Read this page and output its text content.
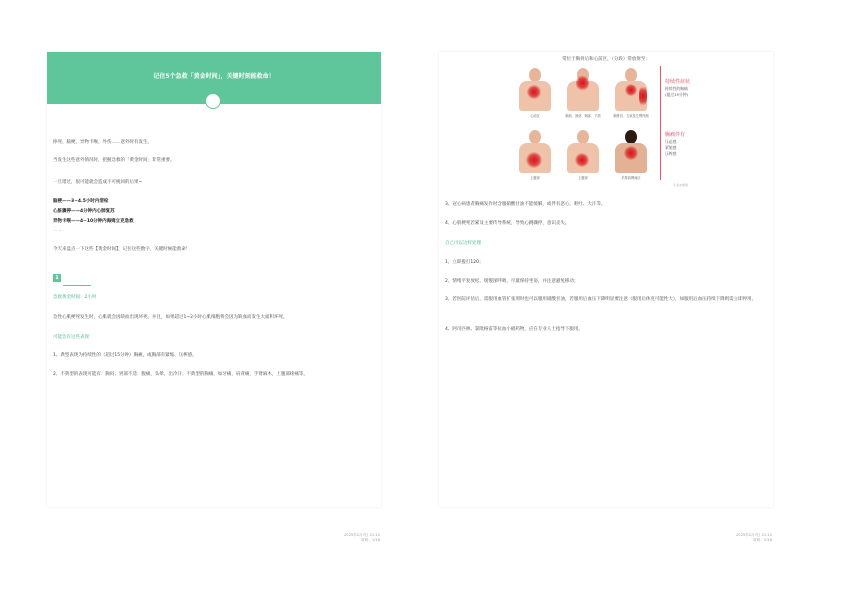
记住5个急救「黄金时间」，关键时刻能救命！
摔死、脑梗、异物卡喉、外伤……意外时有发生。
当发生这些意外情况时，把握急救的「黄金时间」非常重要。
一旦错过，很可能就会造成不可挽回的后果~
脑梗——3~4.5小时内溶栓
心脏骤停——4分钟内心肺复苏
异物卡喉——4~10分钟内海姆立克急救
……
今天来盘点一下这些【黄金时间】，记住这些数字，关键时候能救命！
1
急救黄金时间：2小时
急性心肌梗死发生时，心肌就会因缺血出现坏死，并且，如果超过1~2小时心肌细胞将会因为缺血而发生大面积坏死。
可能会有这些表现：
1、典型表现为持续性的（超过15分钟）胸痛，或胸部有紧缩、压榨感。
2、不典型的表现可能有：胸闷；胃部不适：腹痛，头晕，出冷汗；不典型的胸痛，如牙痛，肩背痛，手臂麻木，上腹部疼痛等。
常位于胸骨后和心前区，（分段）常放射至：
心前区	胸前、颈部、咽部、下颌	胸骨后、左肩及左臂内侧
上腹部	上腹部	后背肩胛间区
持续性症状
持续性的胸痛
(超过15分钟)
胸痛伴有
压迫感
紧缩感
压榨感
头条@健康
3、冠心病患者胸痛发作时含服硝酸甘油不能缓解，或伴有恶心、呕吐、大汗等。
4、心肌梗死若累及主要传导系统，导致心跳骤停，意识丧失。
自己可以这样处理：
1、立即拨打120；
2、情绪平复放松，缓慢深呼吸，尽量保持坐姿，并注意避免移动；
3、若医院评估后，需服用血管扩张剂时也可以服用硝酸甘油，若服用后血压下降明显要注意（服用后休克可能性大），如服用后血压持续下降则需立即停用。
4、阿司匹林、氯吡格雷等抗血小板药物，应在专业人士指导下服用。
2025年2月7日 21:12
页码：1/18
2025年2月7日 21:12
页码：2/18
